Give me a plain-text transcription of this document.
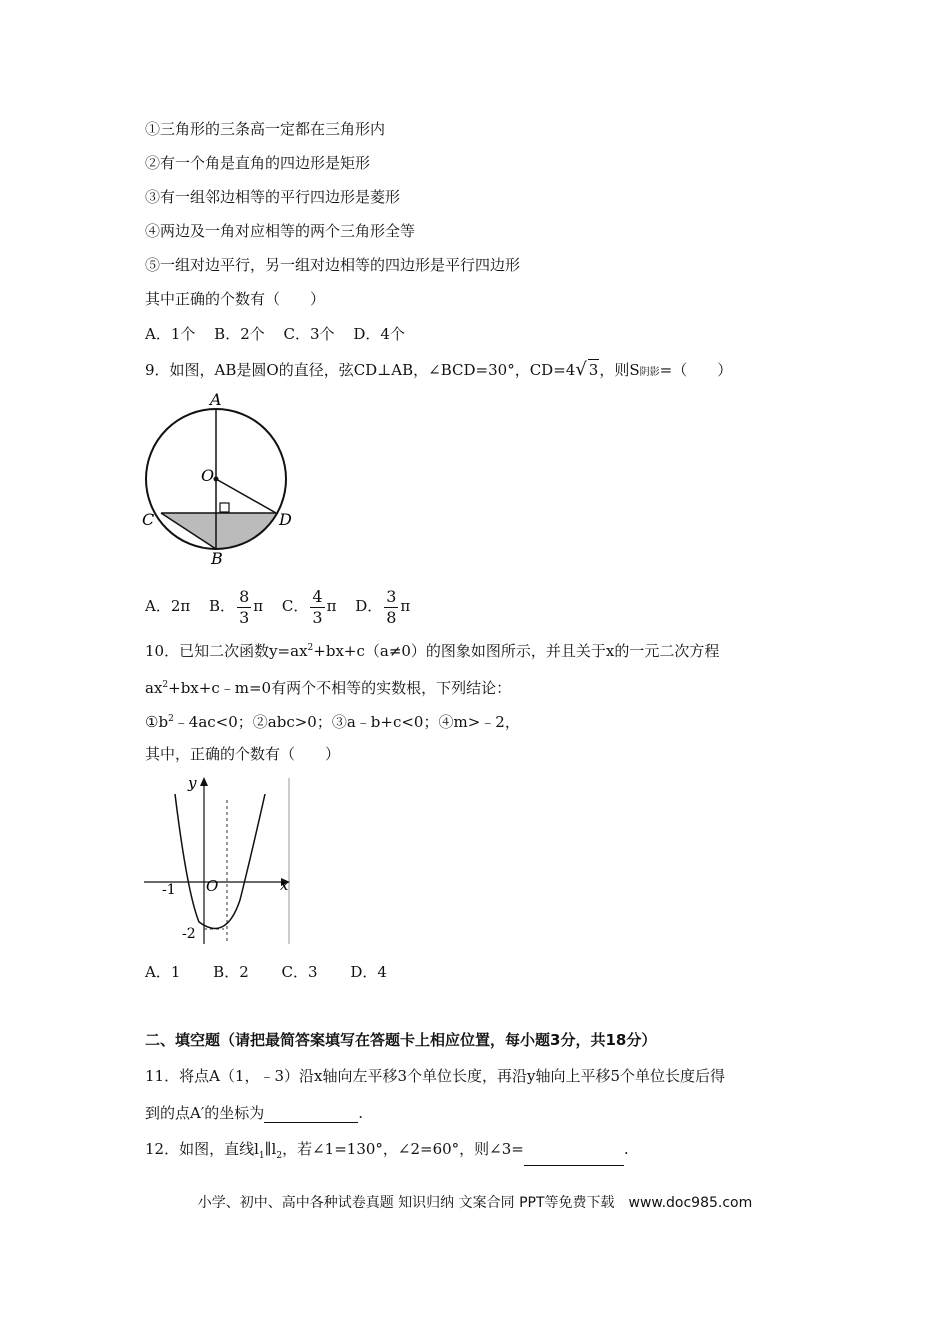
①三角形的三条高一定都在三角形内
②有一个角是直角的四边形是矩形
③有一组邻边相等的平行四边形是菱形
④两边及一角对应相等的两个三角形全等
⑤一组对边平行，另一组对边相等的四边形是平行四边形
其中正确的个数有（　　）
A．1个 B．2个 C．3个 D．4个
9．如图，AB是圆O的直径，弦CD⊥AB，∠BCD=30°，CD=4√ 3，则S阴影=（　　）
A
O
C	D
B
A．2π B． $\frac{8}{3}$ π C． $\frac{4}{3}$ π D． $\frac{3}{8}$ π
10．已知二次函数$y=ax^2+bx+c(a\ne 0)$的图象如图所示，并且关于x的一元二次方程
$ax^2+bx+c﹣m=0$有两个不相等的实数根，下列结论：
$①b^2﹣4ac<0$；②abc>0；③a﹣b+c<0；④m>﹣2，
其中，正确的个数有（　　）
y
x
O
-1
-2
A．1 B．2 C．3 D．4
二、填空题（请把最简答案填写在答题卡上相应位置，每小题3分，共18分）
11．将点A（1，﹣3）沿x轴向左平移3个单位长度，再沿y轴向上平移5个单位长度后得
到的点A′的坐标为	.
12．如图，直线$l_1\parallel l_2$，若∠1=130°，∠2=60°，则∠3=	.
小学、初中、高中各种试卷真题 知识归纳 文案合同 PPT等免费下载　www.doc985.com
